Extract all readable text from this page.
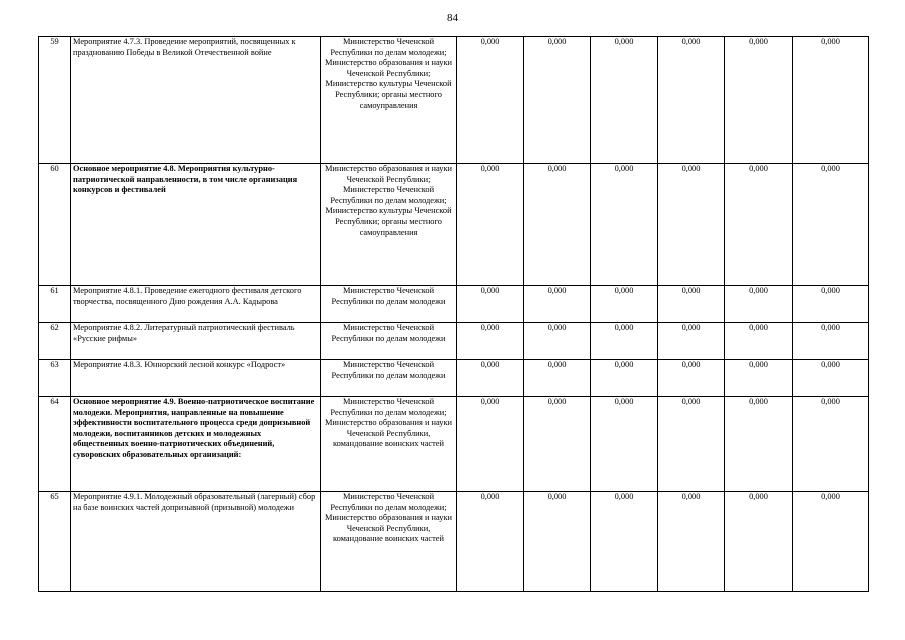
84
59	Мероприятие 4.7.3. Проведение мероприятий, посвященных к празднованию Победы в Великой Отечественной войне	Министерство Чеченской Республики по делам молодежи; Министерство образования и науки Чеченской Республики; Министерство культуры Чеченской Республики; органы местного самоуправления	0,000	0,000	0,000	0,000	0,000	0,000
60	Основное мероприятие 4.8. Мероприятия культурно-патриотической направленности, в том числе организация конкурсов и фестивалей	Министерство образования и науки Чеченской Республики; Министерство Чеченской Республики по делам молодежи; Министерство культуры Чеченской Республики; органы местного самоуправления	0,000	0,000	0,000	0,000	0,000	0,000
61	Мероприятие 4.8.1. Проведение ежегодного фестиваля детского творчества, посвященного Дню рождения А.А. Кадырова	Министерство Чеченской Республики по делам молодежи	0,000	0,000	0,000	0,000	0,000	0,000
62	Мероприятие 4.8.2. Литературный патриотический фестиваль «Русские рифмы»	Министерство Чеченской Республики по делам молодежи	0,000	0,000	0,000	0,000	0,000	0,000
63	Мероприятие 4.8.3. Юннорский лесной конкурс «Подрост»	Министерство Чеченской Республики по делам молодежи	0,000	0,000	0,000	0,000	0,000	0,000
64	Основное мероприятие 4.9. Военно-патриотическое воспитание молодежи. Мероприятия, направленные на повышение эффективности воспитательного процесса среди допризывной молодежи, воспитанников детских и молодежных общественных военно-патриотических объединений, суворовских образовательных организаций:	Министерство Чеченской Республики по делам молодежи; Министерство образования и науки Чеченской Республики, командование воинских частей	0,000	0,000	0,000	0,000	0,000	0,000
65	Мероприятие 4.9.1. Молодежный образовательный (лагерный) сбор на базе воинских частей допризывной (призывной) молодежи	Министерство Чеченской Республики по делам молодежи; Министерство образования и науки Чеченской Республики, командование воинских частей	0,000	0,000	0,000	0,000	0,000	0,000
